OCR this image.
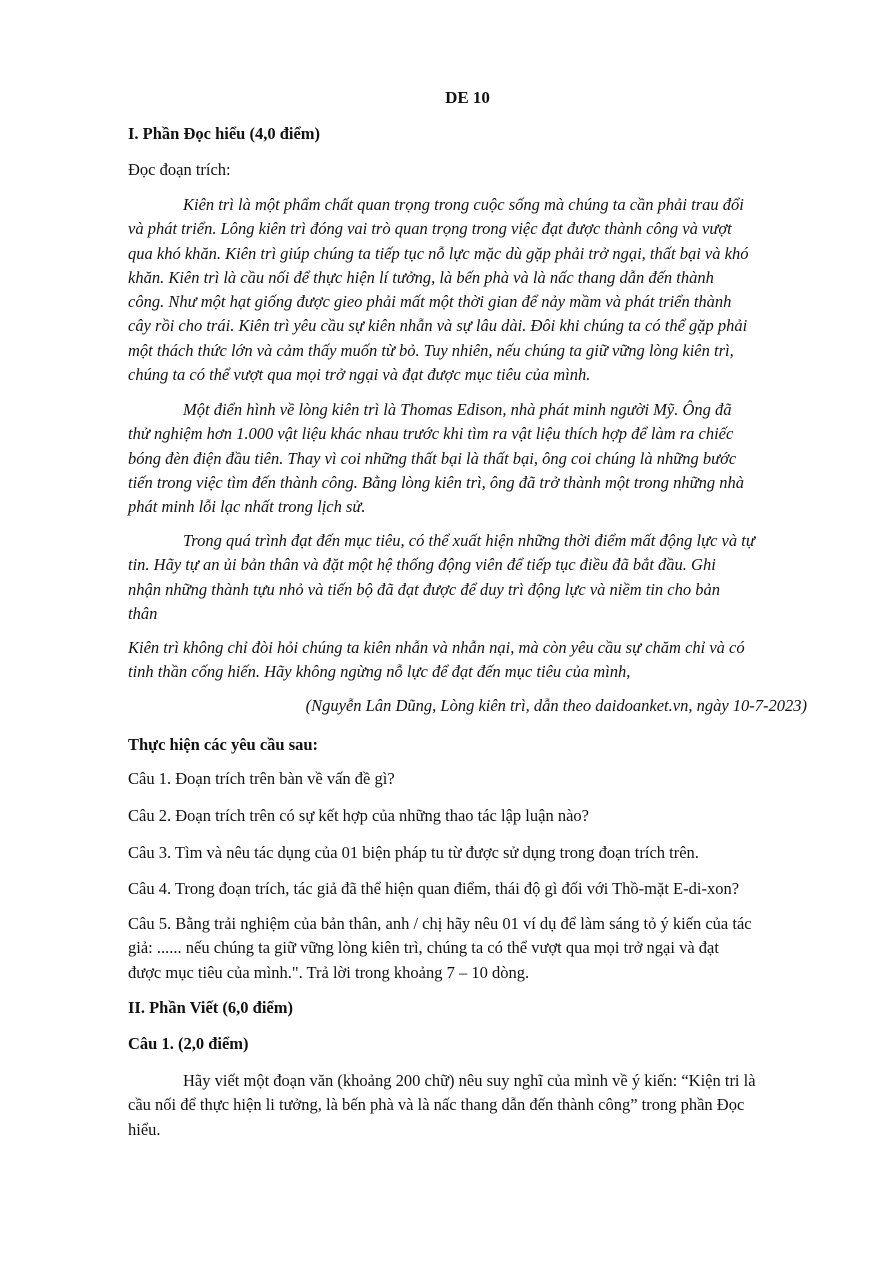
DE 10
I. Phần Đọc hiểu (4,0 điểm)
Đọc đoạn trích:
Kiên trì là một phẩm chất quan trọng trong cuộc sống mà chúng ta cần phải trau đổi
và phát triển. Lông kiên trì đóng vai trò quan trọng trong việc đạt được thành công và vượt
qua khó khăn. Kiên trì giúp chúng ta tiếp tục nỗ lực mặc dù gặp phải trở ngại, thất bại và khó
khăn. Kiên trì là cầu nối để thực hiện lí tưởng, là bến phà và là nấc thang dẫn đến thành
công. Như một hạt giống được gieo phải mất một thời gian để nảy mầm và phát triển thành
cây rồi cho trái. Kiên trì yêu cầu sự kiên nhẫn và sự lâu dài. Đôi khi chúng ta có thể gặp phải
một thách thức lớn và cảm thấy muốn từ bỏ. Tuy nhiên, nếu chúng ta giữ vững lòng kiên trì,
chúng ta có thể vượt qua mọi trở ngại và đạt được mục tiêu của mình.
Một điển hình về lòng kiên trì là Thomas Edison, nhà phát minh người Mỹ. Ông đã
thử nghiệm hơn 1.000 vật liệu khác nhau trước khi tìm ra vật liệu thích hợp để làm ra chiếc
bóng đèn điện đầu tiên. Thay vì coi những thất bại là thất bại, ông coi chúng là những bước
tiến trong việc tìm đến thành công. Bằng lòng kiên trì, ông đã trở thành một trong những nhà
phát minh lỗi lạc nhất trong lịch sử.
Trong quá trình đạt đến mục tiêu, có thể xuất hiện những thời điểm mất động lực và tự
tin. Hãy tự an ủi bản thân và đặt một hệ thống động viên để tiếp tục điều đã bắt đầu. Ghi
nhận những thành tựu nhỏ và tiến bộ đã đạt được để duy trì động lực và niềm tin cho bản
thân
Kiên trì không chỉ đòi hỏi chúng ta kiên nhẫn và nhẫn nại, mà còn yêu cầu sự chăm chỉ và có
tinh thần cống hiến. Hãy không ngừng nỗ lực để đạt đến mục tiêu của mình,
(Nguyễn Lân Dũng, Lòng kiên trì, dẫn theo daidoanket.vn, ngày 10-7-2023)
Thực hiện các yêu cầu sau:
Câu 1. Đoạn trích trên bàn về vấn đề gì?
Câu 2. Đoạn trích trên có sự kết hợp của những thao tác lập luận nào?
Câu 3. Tìm và nêu tác dụng của 01 biện pháp tu từ được sử dụng trong đoạn trích trên.
Câu 4. Trong đoạn trích, tác giả đã thể hiện quan điểm, thái độ gì đối với Thồ-mặt E-di-xon?
Câu 5. Bằng trải nghiệm của bản thân, anh / chị hãy nêu 01 ví dụ để làm sáng tỏ ý kiến của tác
giả: ...... nếu chúng ta giữ vững lòng kiên trì, chúng ta có thể vượt qua mọi trở ngại và đạt
được mục tiêu của mình.". Trả lời trong khoảng 7 – 10 dòng.
II. Phần Viết (6,0 điểm)
Câu 1. (2,0 điểm)
Hãy viết một đoạn văn (khoảng 200 chữ) nêu suy nghĩ của mình về ý kiến: “Kiện tri là
cầu nối để thực hiện li tưởng, là bến phà và là nấc thang dẫn đến thành công” trong phần Đọc
hiểu.
